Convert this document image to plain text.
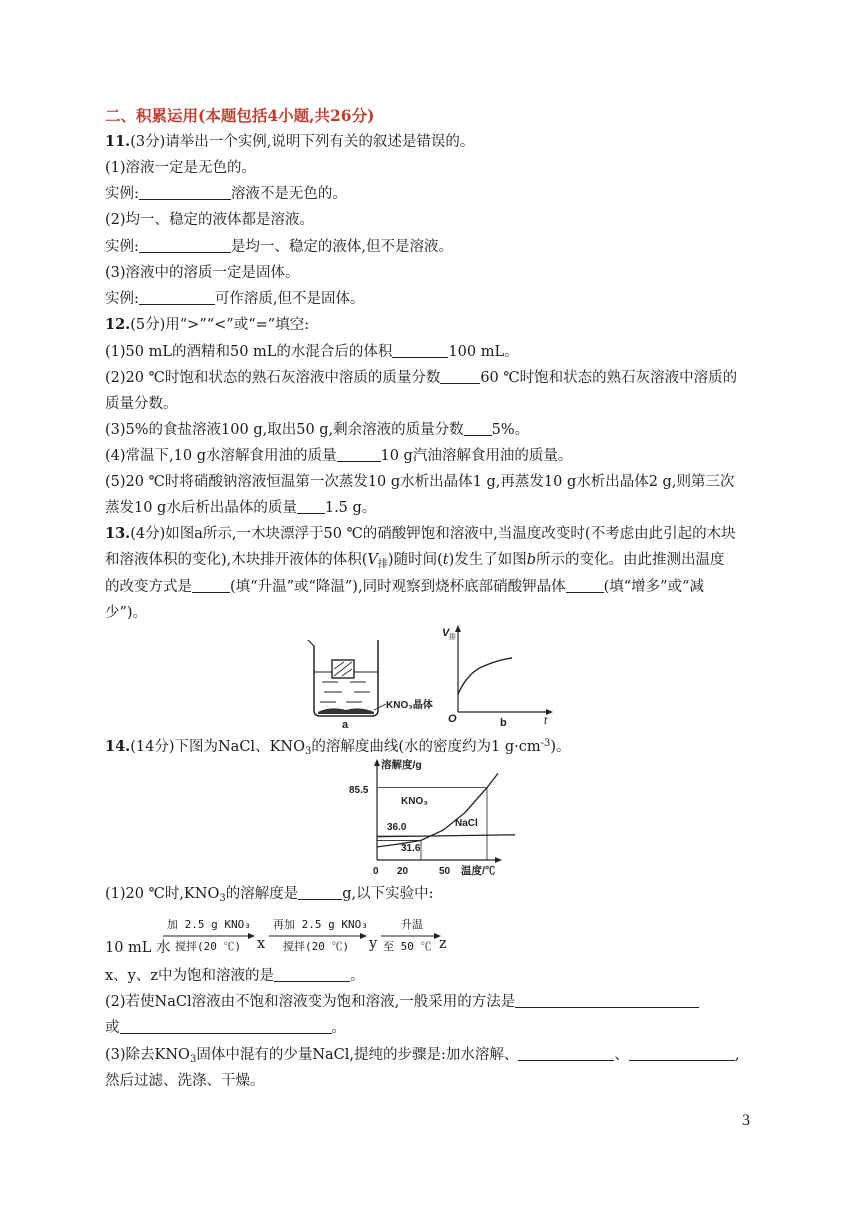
二、积累运用(本题包括4小题,共26分)
11.(3分)请举出一个实例,说明下列有关的叙述是错误的。
(1)溶液一定是无色的。
实例:	溶液不是无色的。
(2)均一、稳定的液体都是溶液。
实例:	是均一、稳定的液体,但不是溶液。
(3)溶液中的溶质一定是固体。
实例:	可作溶质,但不是固体。
12.(5分)用“>”“<”或“=”填空:
(1)50 mL的酒精和50 mL的水混合后的体积	100 mL。
(2)20 ℃时饱和状态的熟石灰溶液中溶质的质量分数	60 ℃时饱和状态的熟石灰溶液中溶质的
质量分数。
(3)5%的食盐溶液100 g,取出50 g,剩余溶液的质量分数 5%。
(4)常温下,10 g水溶解食用油的质量	10 g汽油溶解食用油的质量。
(5)20 ℃时将硝酸钠溶液恒温第一次蒸发10 g水析出晶体1 g,再蒸发10 g水析出晶体2 g,则第三次
蒸发10 g水后析出晶体的质量 1.5 g。
13.(4分)如图a所示,一木块漂浮于50 ℃的硝酸钾饱和溶液中,当温度改变时(不考虑由此引起的木块
和溶液体积的变化),木块排开液体的体积$(V_排)$随时间(t)发生了如图b所示的变化。由此推测出温度
的改变方式是	(填“升温”或“降温”),同时观察到烧杯底部硝酸钾晶体	(填“增多”或“减
少”)。
KNO₃晶体
a
V 排
O	t
b
14.(14分)下图为NaCl、$KNO_3$的溶解度曲线(水的密度约为1 $g\cdot cm^{-3}$)。
溶解度/g
温度/℃
85.5
36.0
31.6
0 20	50
KNO₃
NaCl
(1)20 ℃时$,KNO_3$的溶解度是	g,以下实验中:
10 mL 水
加 2.5 g KNO₃
搅拌(20 ℃) x
再加 2.5 g KNO₃
搅拌(20 ℃) y
升温
至 50 ℃ z
x、y、z中为饱和溶液的是	。
(2)若使NaCl溶液由不饱和溶液变为饱和溶液,一般采用的方法是
或	。
(3)除去$KNO_3$固体中混有的少量NaCl,提纯的步骤是:加水溶解、	、	,
然后过滤、洗涤、干燥。
3
